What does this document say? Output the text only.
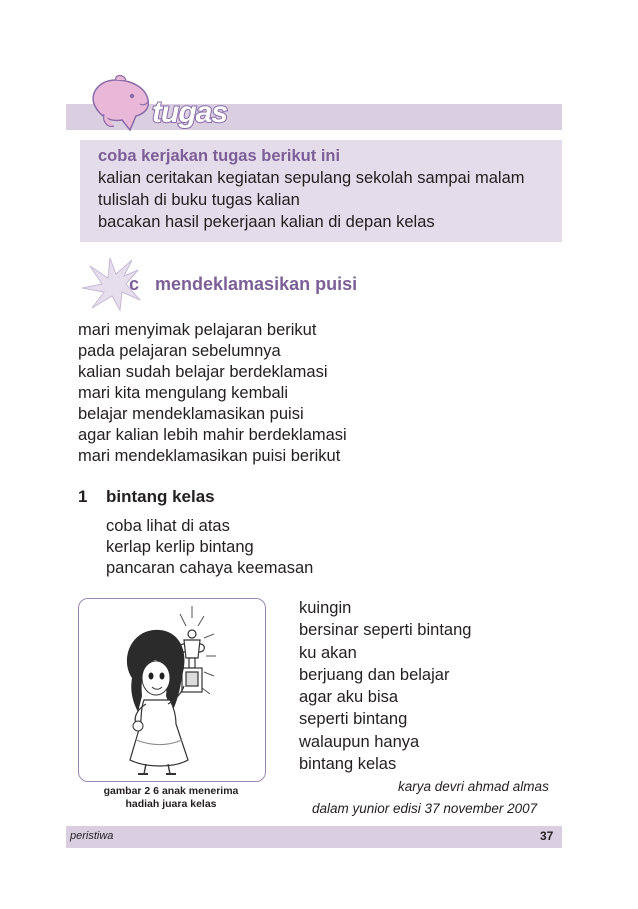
tugas
coba kerjakan tugas berikut ini
kalian ceritakan kegiatan sepulang sekolah sampai malam
tulislah di buku tugas kalian
bacakan hasil pekerjaan kalian di depan kelas
c mendeklamasikan puisi
mari menyimak pelajaran berikut
pada pelajaran sebelumnya
kalian sudah belajar berdeklamasi
mari kita mengulang kembali
belajar mendeklamasikan puisi
agar kalian lebih mahir berdeklamasi
mari mendeklamasikan puisi berikut
1 bintang kelas
coba lihat di atas
kerlap kerlip bintang
pancaran cahaya keemasan
gambar 2 6 anak menerima
hadiah juara kelas
kuingin
bersinar seperti bintang
ku akan
berjuang dan belajar
agar aku bisa
seperti bintang
walaupun hanya
bintang kelas
karya devri ahmad almas
dalam yunior edisi 37 november 2007
peristiwa	37
